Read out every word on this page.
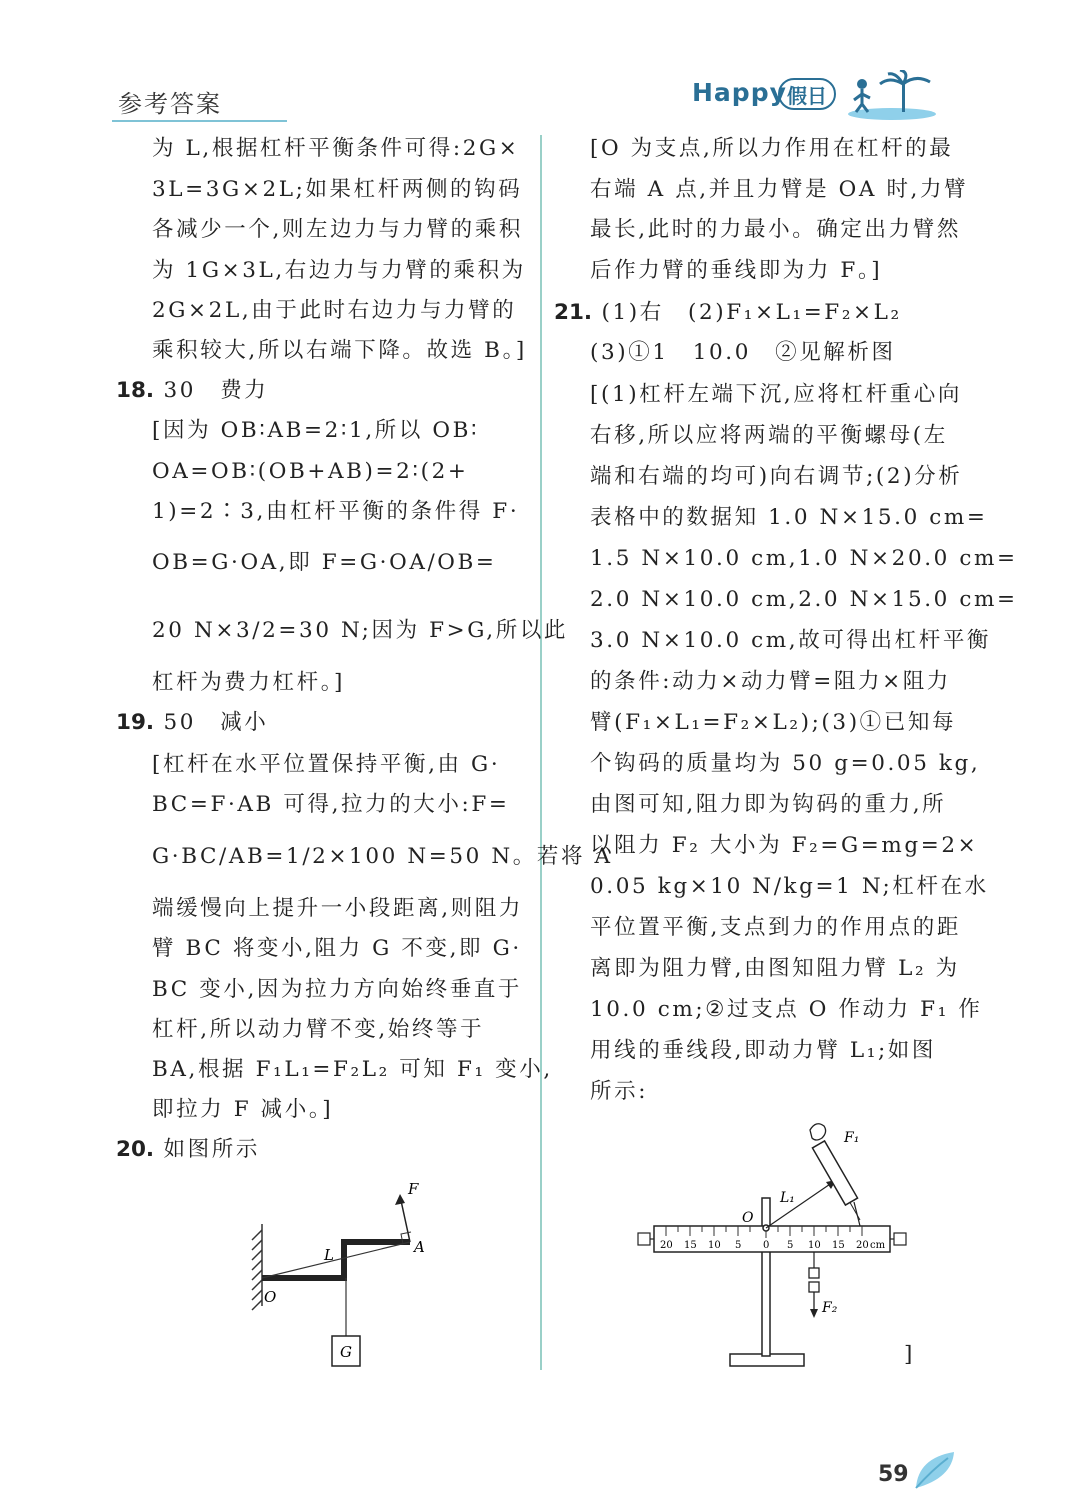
参考答案	Happy 假日
为 L,根据杠杆平衡条件可得:2G×
3L=3G×2L;如果杠杆两侧的钩码
各减少一个,则左边力与力臂的乘积
为 1G×3L,右边力与力臂的乘积为
2G×2L,由于此时右边力与力臂的
乘积较大,所以右端下降。故选 B。]
18. 30　费力
[因为 OB∶AB=2∶1,所以 OB∶
OA=OB∶(OB+AB)=2∶(2+
1)=2∶3,由杠杆平衡的条件得 F·
OB=G·OA,即 F=G·OA/OB=
20 N×3/2=30 N;因为 F>G,所以此
杠杆为费力杠杆。]
19. 50　减小
[杠杆在水平位置保持平衡,由 G·
BC=F·AB 可得,拉力的大小:F=
G·BC/AB=1/2×100 N=50 N。若将 A
端缓慢向上提升一小段距离,则阻力
臂 BC 将变小,阻力 G 不变,即 G·
BC 变小,因为拉力方向始终垂直于
杠杆,所以动力臂不变,始终等于
BA,根据 F₁L₁=F₂L₂ 可知 F₁ 变小,
即拉力 F 减小。]
20. 如图所示
[O 为支点,所以力作用在杠杆的最
右端 A 点,并且力臂是 OA 时,力臂
最长,此时的力最小。确定出力臂然
后作力臂的垂线即为力 F。]
21. (1)右　(2)F₁×L₁=F₂×L₂
(3)①1　10.0　②见解析图
[(1)杠杆左端下沉,应将杠杆重心向
右移,所以应将两端的平衡螺母(左
端和右端的均可)向右调节;(2)分析
表格中的数据知 1.0 N×15.0 cm=
1.5 N×10.0 cm,1.0 N×20.0 cm=
2.0 N×10.0 cm,2.0 N×15.0 cm=
3.0 N×10.0 cm,故可得出杠杆平衡
的条件:动力×动力臂=阻力×阻力
臂(F₁×L₁=F₂×L₂);(3)①已知每
个钩码的质量均为 50 g=0.05 kg,
由图可知,阻力即为钩码的重力,所
以阻力 F₂ 大小为 F₂=G=mg=2×
0.05 kg×10 N/kg=1 N;杠杆在水
平位置平衡,支点到力的作用点的距
离即为阻力臂,由图知阻力臂 L₂ 为
10.0 cm;②过支点 O 作动力 F₁ 作
用线的垂线段,即动力臂 L₁;如图
所示:
F
L	A
O
G
20 15 10 5 0 5 10 15 20 cm
F₁
L₁
O
F₂
]
59
